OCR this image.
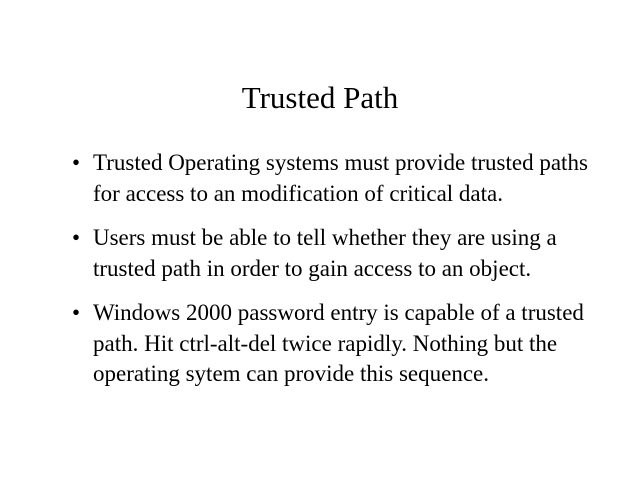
Trusted Path
• Trusted Operating systems must provide trusted paths for access to an modification of critical data.
• Users must be able to tell whether they are using a trusted path in order to gain access to an object.
• Windows 2000 password entry is capable of a trusted path. Hit ctrl-alt-del twice rapidly. Nothing but the operating sytem can provide this sequence.
